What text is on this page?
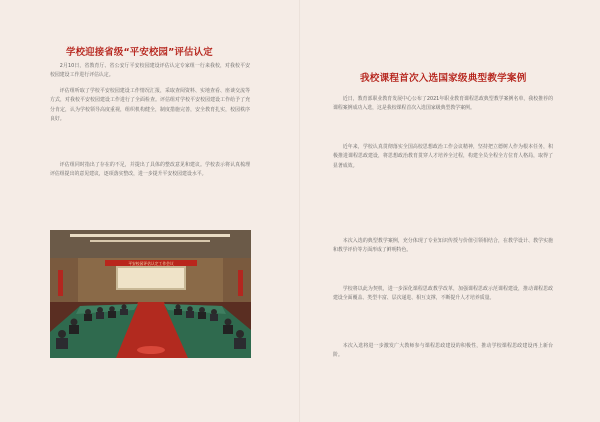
学校迎接省级“平安校园”评估认定

2月10日，省教育厅、省公安厅平安校园建设评估认定专家组一行来我校，对我校平安校园建设工作进行评估认定。

评估组听取了学校平安校园建设工作情况汇报，采取查阅资料、实地查看、座谈交流等方式，对我校平安校园建设工作进行了全面检查。评估组对学校平安校园建设工作给予了充分肯定，认为学校领导高度重视，组织机构健全，制度措施完善，安全教育扎实，校园秩序良好。

评估组同时指出了存在的不足，并提出了具体的整改意见和建议。学校表示将认真梳理评估组提出的意见建议，逐项落实整改，进一步提升平安校园建设水平。

平安校园评估认定工作会议
我校课程首次入选国家级典型教学案例

近日，教育部职业教育发展中心公布了2021年职业教育课程思政典型教学案例名单，我校推荐的课程案例成功入选，这是我校课程首次入选国家级典型教学案例。

近年来，学校认真贯彻落实全国高校思想政治工作会议精神，坚持把立德树人作为根本任务，积极推进课程思政建设，将思想政治教育贯穿人才培养全过程，构建全员全程全方位育人格局，取得了显著成效。

本次入选的典型教学案例，充分体现了专业知识传授与价值引领相结合，在教学设计、教学实施和教学评价等方面形成了鲜明特色。

学校将以此为契机，进一步深化课程思政教学改革，加强课程思政示范课程建设，推动课程思政建设全面覆盖、类型丰富、层次递进、相互支撑，不断提升人才培养质量。

本次入选将进一步激发广大教师参与课程思政建设的积极性，推动学校课程思政建设再上新台阶。
